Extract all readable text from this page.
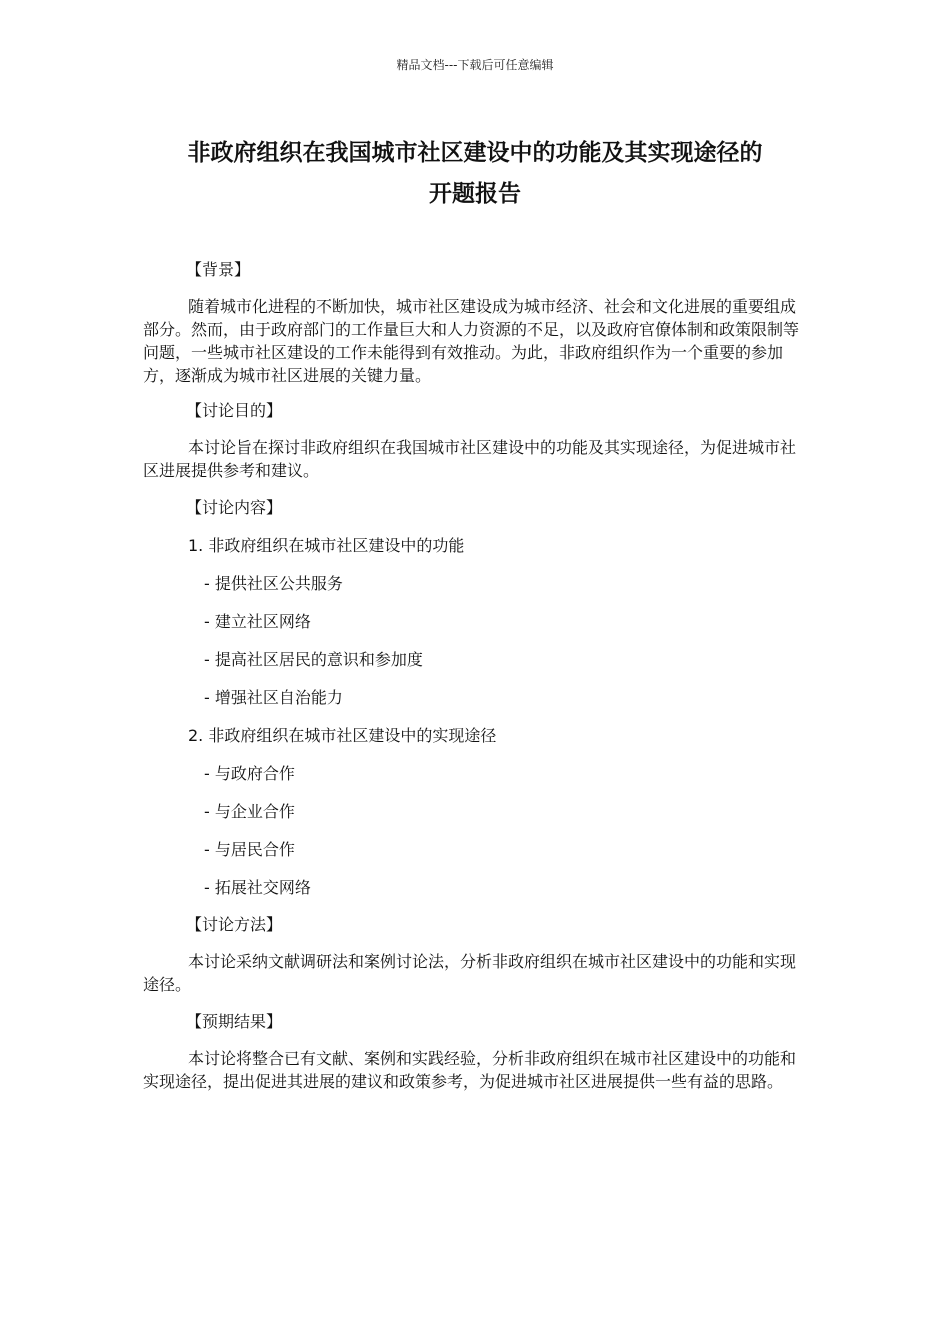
精品文档---下载后可任意编辑
非政府组织在我国城市社区建设中的功能及其实现途径的
开题报告

【背景】

随着城市化进程的不断加快，城市社区建设成为城市经济、社会和文化进展的重要组成部分。然而，由于政府部门的工作量巨大和人力资源的不足，以及政府官僚体制和政策限制等问题，一些城市社区建设的工作未能得到有效推动。为此，非政府组织作为一个重要的参加方，逐渐成为城市社区进展的关键力量。

【讨论目的】

本讨论旨在探讨非政府组织在我国城市社区建设中的功能及其实现途径，为促进城市社区进展提供参考和建议。

【讨论内容】

1. 非政府组织在城市社区建设中的功能

- 提供社区公共服务

- 建立社区网络

- 提高社区居民的意识和参加度

- 增强社区自治能力

2. 非政府组织在城市社区建设中的实现途径

- 与政府合作

- 与企业合作

- 与居民合作

- 拓展社交网络

【讨论方法】

本讨论采纳文献调研法和案例讨论法，分析非政府组织在城市社区建设中的功能和实现途径。

【预期结果】

本讨论将整合已有文献、案例和实践经验，分析非政府组织在城市社区建设中的功能和实现途径，提出促进其进展的建议和政策参考，为促进城市社区进展提供一些有益的思路。
